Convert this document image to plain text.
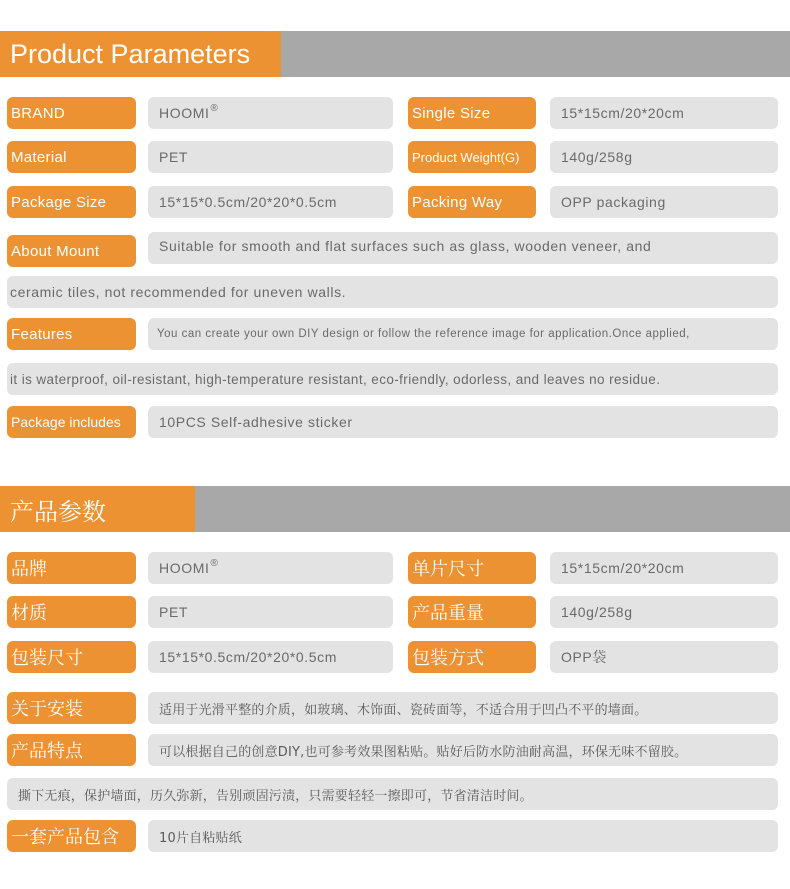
Product Parameters
BRAND	HOOMI®	Single Size	15*15cm/20*20cm
Material	PET	Product Weight(G)	140g/258g
Package Size	15*15*0.5cm/20*20*0.5cm	Packing Way	OPP packaging
About Mount	Suitable for smooth and flat surfaces such as glass, wooden veneer, and
ceramic tiles, not recommended for uneven walls.
Features	You can create your own DIY design or follow the reference image for application.Once applied,
it is waterproof, oil-resistant, high-temperature resistant, eco-friendly, odorless, and leaves no residue.
Package includes	10PCS Self-adhesive sticker
产品参数
品牌	HOOMI®	单片尺寸	15*15cm/20*20cm
材质	PET	产品重量	140g/258g
包装尺寸	15*15*0.5cm/20*20*0.5cm	包装方式	OPP袋
关于安装	适用于光滑平整的介质，如玻璃、木饰面、瓷砖面等，不适合用于凹凸不平的墙面。
产品特点	可以根据自己的创意DIY,也可参考效果图粘贴。贴好后防水防油耐高温，环保无味不留胶。
撕下无痕，保护墙面，历久弥新，告别顽固污渍，只需要轻轻一擦即可，节省清洁时间。
一套产品包含	10片自粘贴纸
